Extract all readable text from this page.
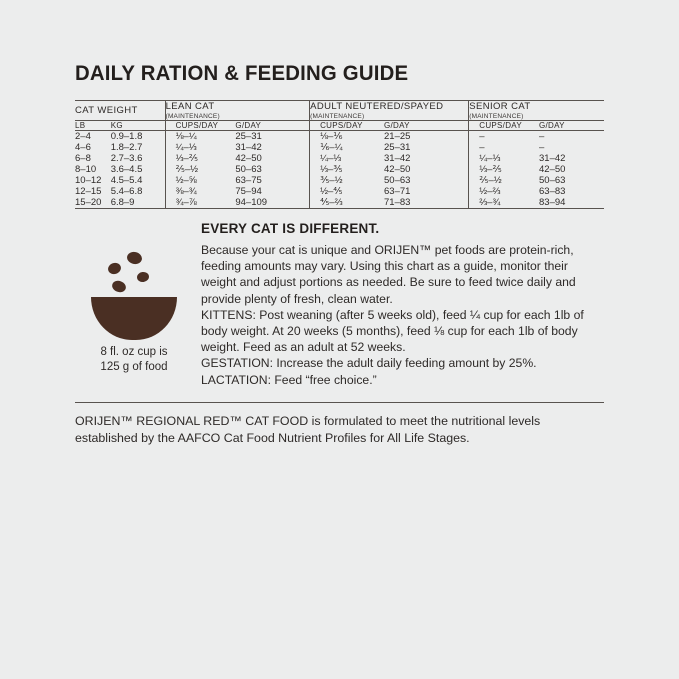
DAILY RATION & FEEDING GUIDE
CAT WEIGHT		LEAN CAT
(MAINTENANCE)		ADULT NEUTERED/SPAYED
(MAINTENANCE)		SENIOR CAT
(MAINTENANCE)	

LB	KG	CUPS/DAY	G/DAY	CUPS/DAY	G/DAY	CUPS/DAY	G/DAY
2–4	0.9–1.8	⅛–¼	25–31	⅛–⅙	21–25	–	–
4–6	1.8–2.7	¼–⅓	31–42	⅙–¼	25–31	–	–
6–8	2.7–3.6	⅓–⅖	42–50	¼–⅓	31–42	¼–⅓	31–42
8–10	3.6–4.5	⅖–½	50–63	⅓–⅗	42–50	⅓–⅖	42–50
10–12	4.5–5.4	½–⅝	63–75	⅗–½	50–63	⅖–½	50–63
12–15	5.4–6.8	⅜–¾	75–94	½–⅘	63–71	½–⅔	63–83
15–20	6.8–9	¾–⅞	94–109	⅘–⅔	71–83	⅔–¾	83–94
8 fl. oz cup is
125 g of food
EVERY CAT IS DIFFERENT.

Because your cat is unique and ORIJEN™ pet foods are protein-rich, feeding amounts may vary. Using this chart as a guide, monitor their weight and adjust portions as needed. Be sure to feed twice daily and provide plenty of fresh, clean water.

KITTENS: Post weaning (after 5 weeks old), feed ¼ cup for each 1lb of body weight. At 20 weeks (5 months), feed ⅛ cup for each 1lb of body weight. Feed as an adult at 52 weeks.

GESTATION: Increase the adult daily feeding amount by 25%.

LACTATION: Feed “free choice.”

ORIJEN™ REGIONAL RED™ CAT FOOD is formulated to meet the nutritional levels established by the AAFCO Cat Food Nutrient Profiles for All Life Stages.
